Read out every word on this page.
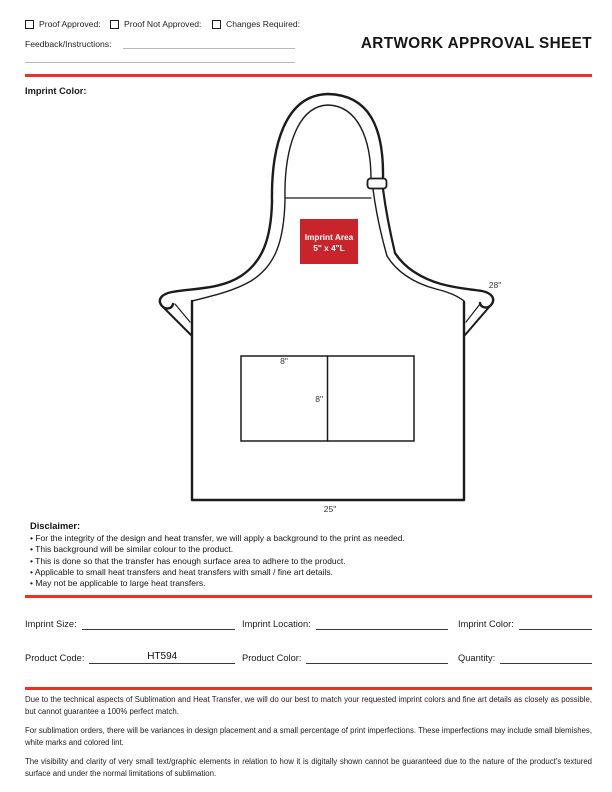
Proof Approved:	Proof Not Approved:	Changes Required:
Feedback/Instructions:	ARTWORK APPROVAL SHEET
Imprint Color:
Imprint Area
5" x 4"L
8"
8"
25"
28"
Disclaimer:
• For the integrity of the design and heat transfer, we will apply a background to the print as needed.
• This background will be similar colour to the product.
• This is done so that the transfer has enough surface area to adhere to the product.
• Applicable to small heat transfers and heat transfers with small / fine art details.
• May not be applicable to large heat transfers.
Imprint Size:	Imprint Location:	Imprint Color:
Product Code:	HT594	Product Color:	Quantity:

Due to the technical aspects of Sublimation and Heat Transfer, we will do our best to match your requested imprint colors and fine art details as closely as possible, but cannot guarantee a 100% perfect match.

For sublimation orders, there will be variances in design placement and a small percentage of print imperfections. These imperfections may include small blemishes, white marks and colored lint.

The visibility and clarity of very small text/graphic elements in relation to how it is digitally shown cannot be guaranteed due to the nature of the product's textured surface and under the normal limitations of sublimation.
